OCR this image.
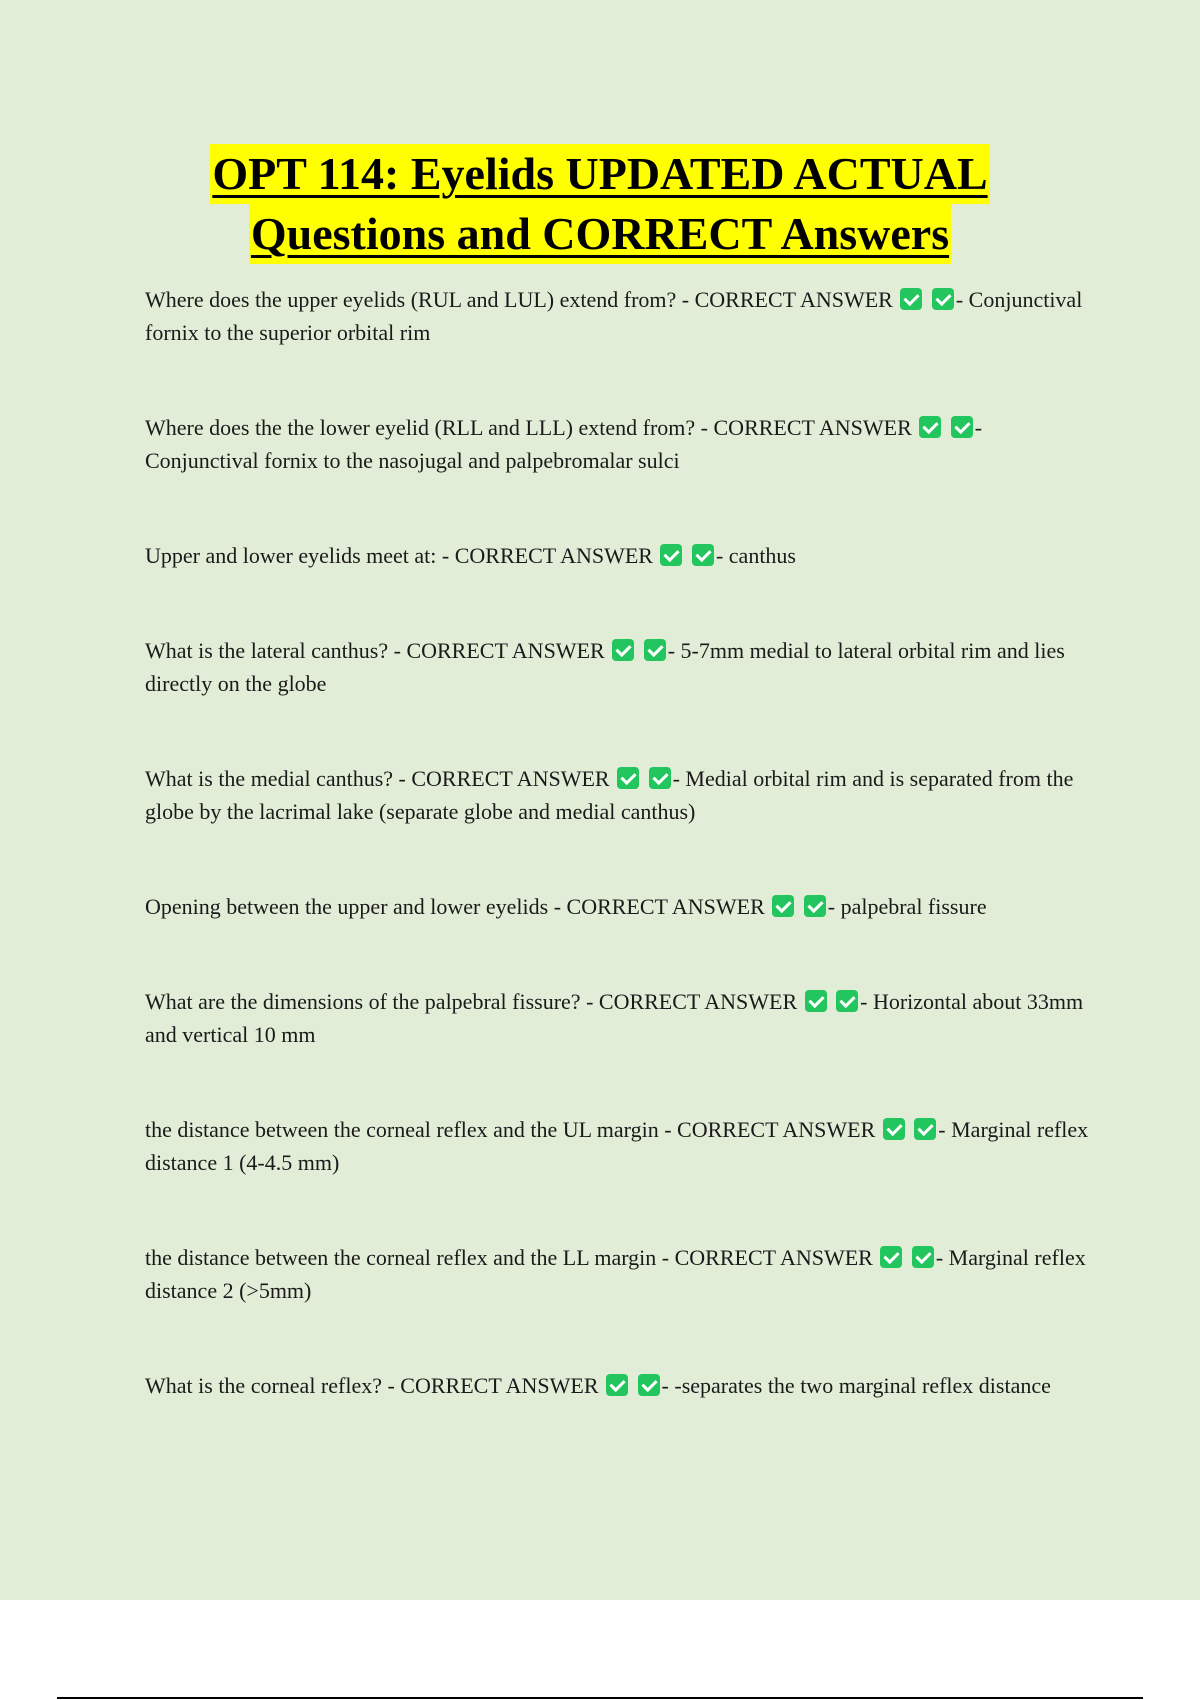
OPT 114: Eyelids UPDATED ACTUAL
Questions and CORRECT Answers

Where does the upper eyelids (RUL and LUL) extend from? - CORRECT ANSWER	- Conjunctival fornix to the superior orbital rim

Where does the the lower eyelid (RLL and LLL) extend from? - CORRECT ANSWER	- Conjunctival fornix to the nasojugal and palpebromalar sulci

Upper and lower eyelids meet at: - CORRECT ANSWER	- canthus

What is the lateral canthus? - CORRECT ANSWER	- 5-7mm medial to lateral orbital rim and lies directly on the globe

What is the medial canthus? - CORRECT ANSWER	- Medial orbital rim and is separated from the globe by the lacrimal lake (separate globe and medial canthus)

Opening between the upper and lower eyelids - CORRECT ANSWER	- palpebral fissure

What are the dimensions of the palpebral fissure? - CORRECT ANSWER	- Horizontal about 33mm and vertical 10 mm

the distance between the corneal reflex and the UL margin - CORRECT ANSWER	- Marginal reflex distance 1 (4-4.5 mm)

the distance between the corneal reflex and the LL margin - CORRECT ANSWER	- Marginal reflex distance 2 (>5mm)

What is the corneal reflex? - CORRECT ANSWER	- -separates the two marginal reflex distance
